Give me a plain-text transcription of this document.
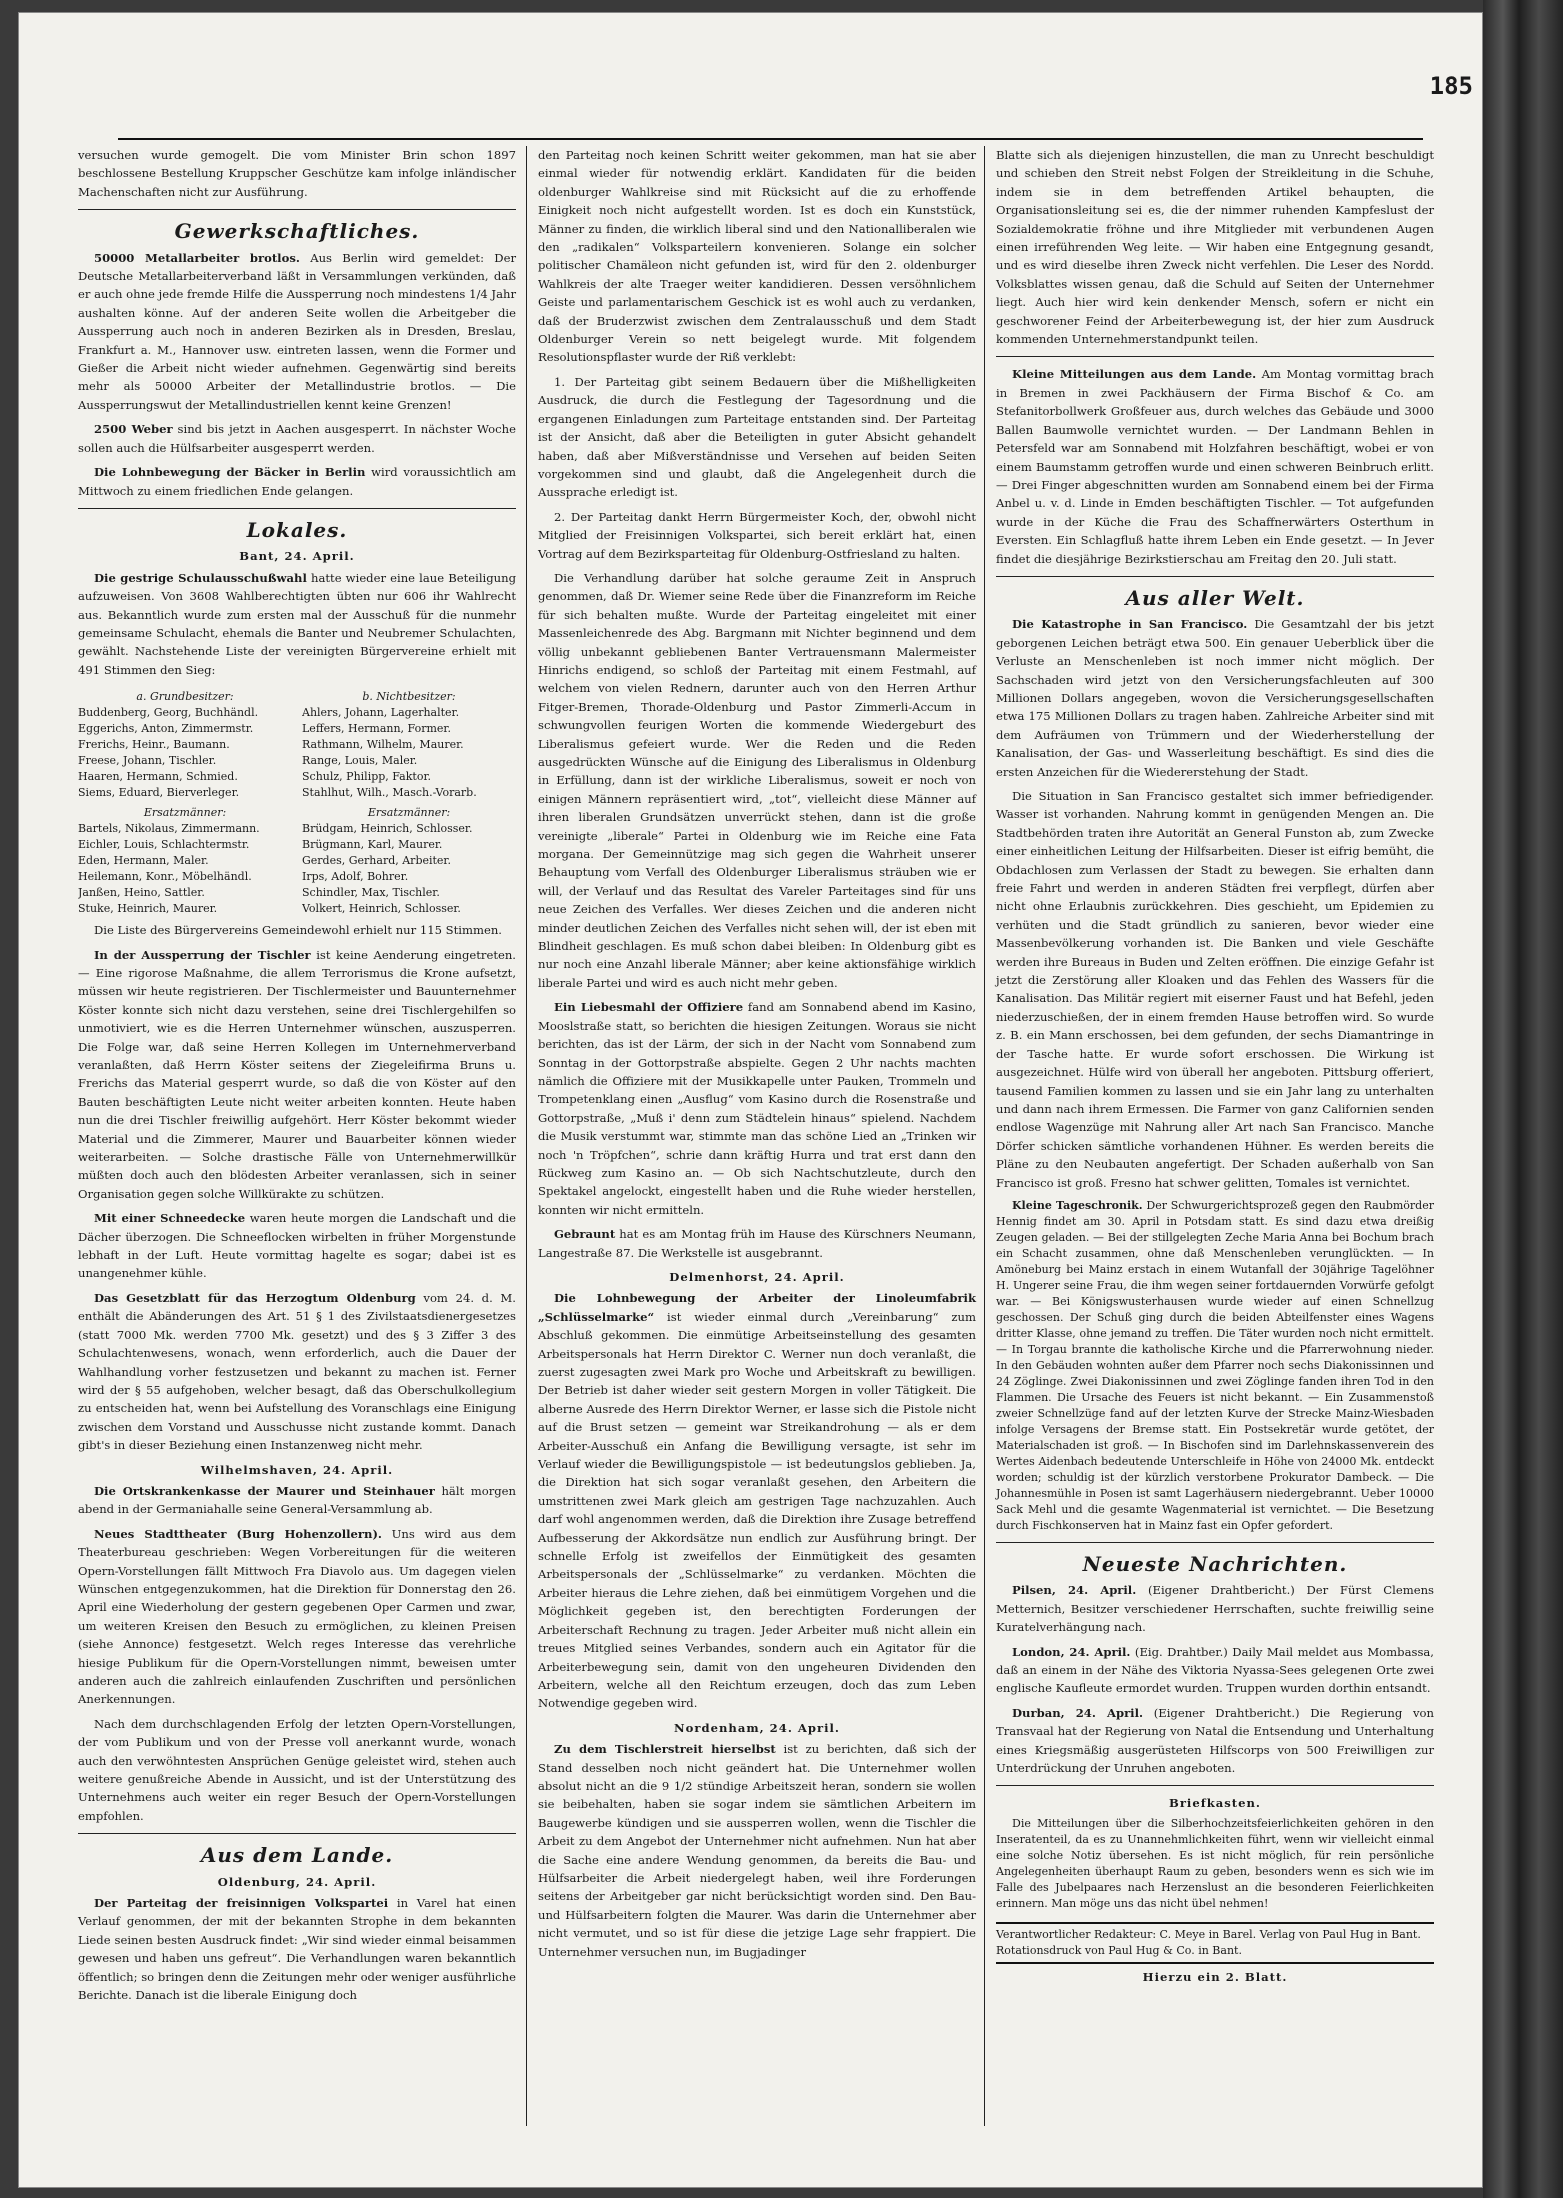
185

versuchen wurde gemogelt. Die vom Minister Brin schon 1897 beschlossene Bestellung Kruppscher Geschütze kam infolge inländischer Machenschaften nicht zur Ausführung.

Gewerkschaftliches.

50000 Metallarbeiter brotlos. Aus Berlin wird gemeldet: Der Deutsche Metallarbeiterverband läßt in Versammlungen verkünden, daß er auch ohne jede fremde Hilfe die Aussperrung noch mindestens 1/4 Jahr aushalten könne. Auf der anderen Seite wollen die Arbeitgeber die Aussperrung auch noch in anderen Bezirken als in Dresden, Breslau, Frankfurt a. M., Hannover usw. eintreten lassen, wenn die Former und Gießer die Arbeit nicht wieder aufnehmen. Gegenwärtig sind bereits mehr als 50000 Arbeiter der Metallindustrie brotlos. — Die Aussperrungswut der Metallindustriellen kennt keine Grenzen!

2500 Weber sind bis jetzt in Aachen ausgesperrt. In nächster Woche sollen auch die Hülfsarbeiter ausgesperrt werden.

Die Lohnbewegung der Bäcker in Berlin wird voraussichtlich am Mittwoch zu einem friedlichen Ende gelangen.

Lokales.
Bant, 24. April.

Die gestrige Schulausschußwahl hatte wieder eine laue Beteiligung aufzuweisen. Von 3608 Wahlberechtigten übten nur 606 ihr Wahlrecht aus. Bekanntlich wurde zum ersten mal der Ausschuß für die nunmehr gemeinsame Schulacht, ehemals die Banter und Neubremer Schulachten, gewählt. Nachstehende Liste der vereinigten Bürgervereine erhielt mit 491 Stimmen den Sieg:

a. Grundbesitzer:
Buddenberg, Georg, Buchhändl.
Eggerichs, Anton, Zimmermstr.
Frerichs, Heinr., Baumann.
Freese, Johann, Tischler.
Haaren, Hermann, Schmied.
Siems, Eduard, Bierverleger.
Ersatzmänner:
Bartels, Nikolaus, Zimmermann.
Eichler, Louis, Schlachtermstr.
Eden, Hermann, Maler.
Heilemann, Konr., Möbelhändl.
Janßen, Heino, Sattler.
Stuke, Heinrich, Maurer.
b. Nichtbesitzer:
Ahlers, Johann, Lagerhalter.
Leffers, Hermann, Former.
Rathmann, Wilhelm, Maurer.
Range, Louis, Maler.
Schulz, Philipp, Faktor.
Stahlhut, Wilh., Masch.-Vorarb.
Ersatzmänner:
Brüdgam, Heinrich, Schlosser.
Brügmann, Karl, Maurer.
Gerdes, Gerhard, Arbeiter.
Irps, Adolf, Bohrer.
Schindler, Max, Tischler.
Volkert, Heinrich, Schlosser.

Die Liste des Bürgervereins Gemeindewohl erhielt nur 115 Stimmen.

In der Aussperrung der Tischler ist keine Aenderung eingetreten. — Eine rigorose Maßnahme, die allem Terrorismus die Krone aufsetzt, müssen wir heute registrieren. Der Tischlermeister und Bauunternehmer Köster konnte sich nicht dazu verstehen, seine drei Tischlergehilfen so unmotiviert, wie es die Herren Unternehmer wünschen, auszusperren. Die Folge war, daß seine Herren Kollegen im Unternehmerverband veranlaßten, daß Herrn Köster seitens der Ziegeleifirma Bruns u. Frerichs das Material gesperrt wurde, so daß die von Köster auf den Bauten beschäftigten Leute nicht weiter arbeiten konnten. Heute haben nun die drei Tischler freiwillig aufgehört. Herr Köster bekommt wieder Material und die Zimmerer, Maurer und Bauarbeiter können wieder weiterarbeiten. — Solche drastische Fälle von Unternehmerwillkür müßten doch auch den blödesten Arbeiter veranlassen, sich in seiner Organisation gegen solche Willkürakte zu schützen.

Mit einer Schneedecke waren heute morgen die Landschaft und die Dächer überzogen. Die Schneeflocken wirbelten in früher Morgenstunde lebhaft in der Luft. Heute vormittag hagelte es sogar; dabei ist es unangenehmer kühle.

Das Gesetzblatt für das Herzogtum Oldenburg vom 24. d. M. enthält die Abänderungen des Art. 51 § 1 des Zivilstaatsdienergesetzes (statt 7000 Mk. werden 7700 Mk. gesetzt) und des § 3 Ziffer 3 des Schulachtenwesens, wonach, wenn erforderlich, auch die Dauer der Wahlhandlung vorher festzusetzen und bekannt zu machen ist. Ferner wird der § 55 aufgehoben, welcher besagt, daß das Oberschulkollegium zu entscheiden hat, wenn bei Aufstellung des Voranschlags eine Einigung zwischen dem Vorstand und Ausschusse nicht zustande kommt. Danach gibt's in dieser Beziehung einen Instanzenweg nicht mehr.

Wilhelmshaven, 24. April.

Die Ortskrankenkasse der Maurer und Steinhauer hält morgen abend in der Germaniahalle seine General-Versammlung ab.

Neues Stadttheater (Burg Hohenzollern). Uns wird aus dem Theaterbureau geschrieben: Wegen Vorbereitungen für die weiteren Opern-Vorstellungen fällt Mittwoch Fra Diavolo aus. Um dagegen vielen Wünschen entgegenzukommen, hat die Direktion für Donnerstag den 26. April eine Wiederholung der gestern gegebenen Oper Carmen und zwar, um weiteren Kreisen den Besuch zu ermöglichen, zu kleinen Preisen (siehe Annonce) festgesetzt. Welch reges Interesse das verehrliche hiesige Publikum für die Opern-Vorstellungen nimmt, beweisen umter anderen auch die zahlreich einlaufenden Zuschriften und persönlichen Anerkennungen.

Nach dem durchschlagenden Erfolg der letzten Opern-Vorstellungen, der vom Publikum und von der Presse voll anerkannt wurde, wonach auch den verwöhntesten Ansprüchen Genüge geleistet wird, stehen auch weitere genußreiche Abende in Aussicht, und ist der Unterstützung des Unternehmens auch weiter ein reger Besuch der Opern-Vorstellungen empfohlen.

Aus dem Lande.
Oldenburg, 24. April.

Der Parteitag der freisinnigen Volkspartei in Varel hat einen Verlauf genommen, der mit der bekannten Strophe in dem bekannten Liede seinen besten Ausdruck findet: „Wir sind wieder einmal beisammen gewesen und haben uns gefreut“. Die Verhandlungen waren bekanntlich öffentlich; so bringen denn die Zeitungen mehr oder weniger ausführliche Berichte. Danach ist die liberale Einigung doch

den Parteitag noch keinen Schritt weiter gekommen, man hat sie aber einmal wieder für notwendig erklärt. Kandidaten für die beiden oldenburger Wahlkreise sind mit Rücksicht auf die zu erhoffende Einigkeit noch nicht aufgestellt worden. Ist es doch ein Kunststück, Männer zu finden, die wirklich liberal sind und den Nationalliberalen wie den „radikalen“ Volksparteilern konvenieren. Solange ein solcher politischer Chamäleon nicht gefunden ist, wird für den 2. oldenburger Wahlkreis der alte Traeger weiter kandidieren. Dessen versöhnlichem Geiste und parlamentarischem Geschick ist es wohl auch zu verdanken, daß der Bruderzwist zwischen dem Zentralausschuß und dem Stadt Oldenburger Verein so nett beigelegt wurde. Mit folgendem Resolutionspflaster wurde der Riß verklebt:

1. Der Parteitag gibt seinem Bedauern über die Mißhelligkeiten Ausdruck, die durch die Festlegung der Tagesordnung und die ergangenen Einladungen zum Parteitage entstanden sind. Der Parteitag ist der Ansicht, daß aber die Beteiligten in guter Absicht gehandelt haben, daß aber Mißverständnisse und Versehen auf beiden Seiten vorgekommen sind und glaubt, daß die Angelegenheit durch die Aussprache erledigt ist.

2. Der Parteitag dankt Herrn Bürgermeister Koch, der, obwohl nicht Mitglied der Freisinnigen Volkspartei, sich bereit erklärt hat, einen Vortrag auf dem Bezirksparteitag für Oldenburg-Ostfriesland zu halten.

Die Verhandlung darüber hat solche geraume Zeit in Anspruch genommen, daß Dr. Wiemer seine Rede über die Finanzreform im Reiche für sich behalten mußte. Wurde der Parteitag eingeleitet mit einer Massenleichenrede des Abg. Bargmann mit Nichter beginnend und dem völlig unbekannt gebliebenen Banter Vertrauensmann Malermeister Hinrichs endigend, so schloß der Parteitag mit einem Festmahl, auf welchem von vielen Rednern, darunter auch von den Herren Arthur Fitger-Bremen, Thorade-Oldenburg und Pastor Zimmerli-Accum in schwungvollen feurigen Worten die kommende Wiedergeburt des Liberalismus gefeiert wurde. Wer die Reden und die Reden ausgedrückten Wünsche auf die Einigung des Liberalismus in Oldenburg in Erfüllung, dann ist der wirkliche Liberalismus, soweit er noch von einigen Männern repräsentiert wird, „tot“, vielleicht diese Männer auf ihren liberalen Grundsätzen unverrückt stehen, dann ist die große vereinigte „liberale“ Partei in Oldenburg wie im Reiche eine Fata morgana. Der Gemeinnützige mag sich gegen die Wahrheit unserer Behauptung vom Verfall des Oldenburger Liberalismus sträuben wie er will, der Verlauf und das Resultat des Vareler Parteitages sind für uns neue Zeichen des Verfalles. Wer dieses Zeichen und die anderen nicht minder deutlichen Zeichen des Verfalles nicht sehen will, der ist eben mit Blindheit geschlagen. Es muß schon dabei bleiben: In Oldenburg gibt es nur noch eine Anzahl liberale Männer; aber keine aktionsfähige wirklich liberale Partei und wird es auch nicht mehr geben.

Ein Liebesmahl der Offiziere fand am Sonnabend abend im Kasino, Mooslstraße statt, so berichten die hiesigen Zeitungen. Woraus sie nicht berichten, das ist der Lärm, der sich in der Nacht vom Sonnabend zum Sonntag in der Gottorpstraße abspielte. Gegen 2 Uhr nachts machten nämlich die Offiziere mit der Musikkapelle unter Pauken, Trommeln und Trompetenklang einen „Ausflug“ vom Kasino durch die Rosenstraße und Gottorpstraße, „Muß i' denn zum Städtelein hinaus“ spielend. Nachdem die Musik verstummt war, stimmte man das schöne Lied an „Trinken wir noch 'n Tröpfchen“, schrie dann kräftig Hurra und trat erst dann den Rückweg zum Kasino an. — Ob sich Nachtschutzleute, durch den Spektakel angelockt, eingestellt haben und die Ruhe wieder herstellen, konnten wir nicht ermitteln.

Gebraunt hat es am Montag früh im Hause des Kürschners Neumann, Langestraße 87. Die Werkstelle ist ausgebrannt.

Delmenhorst, 24. April.

Die Lohnbewegung der Arbeiter der Linoleumfabrik „Schlüsselmarke“ ist wieder einmal durch „Vereinbarung“ zum Abschluß gekommen. Die einmütige Arbeitseinstellung des gesamten Arbeitspersonals hat Herrn Direktor C. Werner nun doch veranlaßt, die zuerst zugesagten zwei Mark pro Woche und Arbeitskraft zu bewilligen. Der Betrieb ist daher wieder seit gestern Morgen in voller Tätigkeit. Die alberne Ausrede des Herrn Direktor Werner, er lasse sich die Pistole nicht auf die Brust setzen — gemeint war Streikandrohung — als er dem Arbeiter-Ausschuß ein Anfang die Bewilligung versagte, ist sehr im Verlauf wieder die Bewilligungspistole — ist bedeutungslos geblieben. Ja, die Direktion hat sich sogar veranlaßt gesehen, den Arbeitern die umstrittenen zwei Mark gleich am gestrigen Tage nachzuzahlen. Auch darf wohl angenommen werden, daß die Direktion ihre Zusage betreffend Aufbesserung der Akkordsätze nun endlich zur Ausführung bringt. Der schnelle Erfolg ist zweifellos der Einmütigkeit des gesamten Arbeitspersonals der „Schlüsselmarke“ zu verdanken. Möchten die Arbeiter hieraus die Lehre ziehen, daß bei einmütigem Vorgehen und die Möglichkeit gegeben ist, den berechtigten Forderungen der Arbeiterschaft Rechnung zu tragen. Jeder Arbeiter muß nicht allein ein treues Mitglied seines Verbandes, sondern auch ein Agitator für die Arbeiterbewegung sein, damit von den ungeheuren Dividenden den Arbeitern, welche all den Reichtum erzeugen, doch das zum Leben Notwendige gegeben wird.

Nordenham, 24. April.

Zu dem Tischlerstreit hierselbst ist zu berichten, daß sich der Stand desselben noch nicht geändert hat. Die Unternehmer wollen absolut nicht an die 9 1/2 stündige Arbeitszeit heran, sondern sie wollen sie beibehalten, haben sie sogar indem sie sämtlichen Arbeitern im Baugewerbe kündigen und sie aussperren wollen, wenn die Tischler die Arbeit zu dem Angebot der Unternehmer nicht aufnehmen. Nun hat aber die Sache eine andere Wendung genommen, da bereits die Bau- und Hülfsarbeiter die Arbeit niedergelegt haben, weil ihre Forderungen seitens der Arbeitgeber gar nicht berücksichtigt worden sind. Den Bau- und Hülfsarbeitern folgten die Maurer. Was darin die Unternehmer aber nicht vermutet, und so ist für diese die jetzige Lage sehr frappiert. Die Unternehmer versuchen nun, im Bugjadinger

Blatte sich als diejenigen hinzustellen, die man zu Unrecht beschuldigt und schieben den Streit nebst Folgen der Streikleitung in die Schuhe, indem sie in dem betreffenden Artikel behaupten, die Organisationsleitung sei es, die der nimmer ruhenden Kampfeslust der Sozialdemokratie fröhne und ihre Mitglieder mit verbundenen Augen einen irreführenden Weg leite. — Wir haben eine Entgegnung gesandt, und es wird dieselbe ihren Zweck nicht verfehlen. Die Leser des Nordd. Volksblattes wissen genau, daß die Schuld auf Seiten der Unternehmer liegt. Auch hier wird kein denkender Mensch, sofern er nicht ein geschworener Feind der Arbeiterbewegung ist, der hier zum Ausdruck kommenden Unternehmerstandpunkt teilen.

Kleine Mitteilungen aus dem Lande. Am Montag vormittag brach in Bremen in zwei Packhäusern der Firma Bischof & Co. am Stefanitorbollwerk Großfeuer aus, durch welches das Gebäude und 3000 Ballen Baumwolle vernichtet wurden. — Der Landmann Behlen in Petersfeld war am Sonnabend mit Holzfahren beschäftigt, wobei er von einem Baumstamm getroffen wurde und einen schweren Beinbruch erlitt. — Drei Finger abgeschnitten wurden am Sonnabend einem bei der Firma Anbel u. v. d. Linde in Emden beschäftigten Tischler. — Tot aufgefunden wurde in der Küche die Frau des Schaffnerwärters Osterthum in Eversten. Ein Schlagfluß hatte ihrem Leben ein Ende gesetzt. — In Jever findet die diesjährige Bezirkstierschau am Freitag den 20. Juli statt.

Aus aller Welt.

Die Katastrophe in San Francisco. Die Gesamtzahl der bis jetzt geborgenen Leichen beträgt etwa 500. Ein genauer Ueberblick über die Verluste an Menschenleben ist noch immer nicht möglich. Der Sachschaden wird jetzt von den Versicherungsfachleuten auf 300 Millionen Dollars angegeben, wovon die Versicherungsgesellschaften etwa 175 Millionen Dollars zu tragen haben. Zahlreiche Arbeiter sind mit dem Aufräumen von Trümmern und der Wiederherstellung der Kanalisation, der Gas- und Wasserleitung beschäftigt. Es sind dies die ersten Anzeichen für die Wiedererstehung der Stadt.

Die Situation in San Francisco gestaltet sich immer befriedigender. Wasser ist vorhanden. Nahrung kommt in genügenden Mengen an. Die Stadtbehörden traten ihre Autorität an General Funston ab, zum Zwecke einer einheitlichen Leitung der Hilfsarbeiten. Dieser ist eifrig bemüht, die Obdachlosen zum Verlassen der Stadt zu bewegen. Sie erhalten dann freie Fahrt und werden in anderen Städten frei verpflegt, dürfen aber nicht ohne Erlaubnis zurückkehren. Dies geschieht, um Epidemien zu verhüten und die Stadt gründlich zu sanieren, bevor wieder eine Massenbevölkerung vorhanden ist. Die Banken und viele Geschäfte werden ihre Bureaus in Buden und Zelten eröffnen. Die einzige Gefahr ist jetzt die Zerstörung aller Kloaken und das Fehlen des Wassers für die Kanalisation. Das Militär regiert mit eiserner Faust und hat Befehl, jeden niederzuschießen, der in einem fremden Hause betroffen wird. So wurde z. B. ein Mann erschossen, bei dem gefunden, der sechs Diamantringe in der Tasche hatte. Er wurde sofort erschossen. Die Wirkung ist ausgezeichnet. Hülfe wird von überall her angeboten. Pittsburg offeriert, tausend Familien kommen zu lassen und sie ein Jahr lang zu unterhalten und dann nach ihrem Ermessen. Die Farmer von ganz Californien senden endlose Wagenzüge mit Nahrung aller Art nach San Francisco. Manche Dörfer schicken sämtliche vorhandenen Hühner. Es werden bereits die Pläne zu den Neubauten angefertigt. Der Schaden außerhalb von San Francisco ist groß. Fresno hat schwer gelitten, Tomales ist vernichtet.

Kleine Tageschronik. Der Schwurgerichtsprozeß gegen den Raubmörder Hennig findet am 30. April in Potsdam statt. Es sind dazu etwa dreißig Zeugen geladen. — Bei der stillgelegten Zeche Maria Anna bei Bochum brach ein Schacht zusammen, ohne daß Menschenleben verunglückten. — In Amöneburg bei Mainz erstach in einem Wutanfall der 30jährige Tagelöhner H. Ungerer seine Frau, die ihm wegen seiner fortdauernden Vorwürfe gefolgt war. — Bei Königswusterhausen wurde wieder auf einen Schnellzug geschossen. Der Schuß ging durch die beiden Abteilfenster eines Wagens dritter Klasse, ohne jemand zu treffen. Die Täter wurden noch nicht ermittelt. — In Torgau brannte die katholische Kirche und die Pfarrerwohnung nieder. In den Gebäuden wohnten außer dem Pfarrer noch sechs Diakonissinnen und 24 Zöglinge. Zwei Diakonissinnen und zwei Zöglinge fanden ihren Tod in den Flammen. Die Ursache des Feuers ist nicht bekannt. — Ein Zusammenstoß zweier Schnellzüge fand auf der letzten Kurve der Strecke Mainz-Wiesbaden infolge Versagens der Bremse statt. Ein Postsekretär wurde getötet, der Materialschaden ist groß. — In Bischofen sind im Darlehnskassenverein des Wertes Aidenbach bedeutende Unterschleife in Höhe von 24000 Mk. entdeckt worden; schuldig ist der kürzlich verstorbene Prokurator Dambeck. — Die Johannesmühle in Posen ist samt Lagerhäusern niedergebrannt. Ueber 10000 Sack Mehl und die gesamte Wagenmaterial ist vernichtet. — Die Besetzung durch Fischkonserven hat in Mainz fast ein Opfer gefordert.

Neueste Nachrichten.

Pilsen, 24. April. (Eigener Drahtbericht.) Der Fürst Clemens Metternich, Besitzer verschiedener Herrschaften, suchte freiwillig seine Kuratelverhängung nach.

London, 24. April. (Eig. Drahtber.) Daily Mail meldet aus Mombassa, daß an einem in der Nähe des Viktoria Nyassa-Sees gelegenen Orte zwei englische Kaufleute ermordet wurden. Truppen wurden dorthin entsandt.

Durban, 24. April. (Eigener Drahtbericht.) Die Regierung von Transvaal hat der Regierung von Natal die Entsendung und Unterhaltung eines Kriegsmäßig ausgerüsteten Hilfscorps von 500 Freiwilligen zur Unterdrückung der Unruhen angeboten.

Briefkasten.

Die Mitteilungen über die Silberhochzeitsfeierlichkeiten gehören in den Inseratenteil, da es zu Unannehmlichkeiten führt, wenn wir vielleicht einmal eine solche Notiz übersehen. Es ist nicht möglich, für rein persönliche Angelegenheiten überhaupt Raum zu geben, besonders wenn es sich wie im Falle des Jubelpaares nach Herzenslust an die besonderen Feierlichkeiten erinnern. Man möge uns das nicht übel nehmen!

Verantwortlicher Redakteur: C. Meye in Barel. Verlag von Paul Hug in Bant. Rotationsdruck von Paul Hug & Co. in Bant.
Hierzu ein 2. Blatt.
